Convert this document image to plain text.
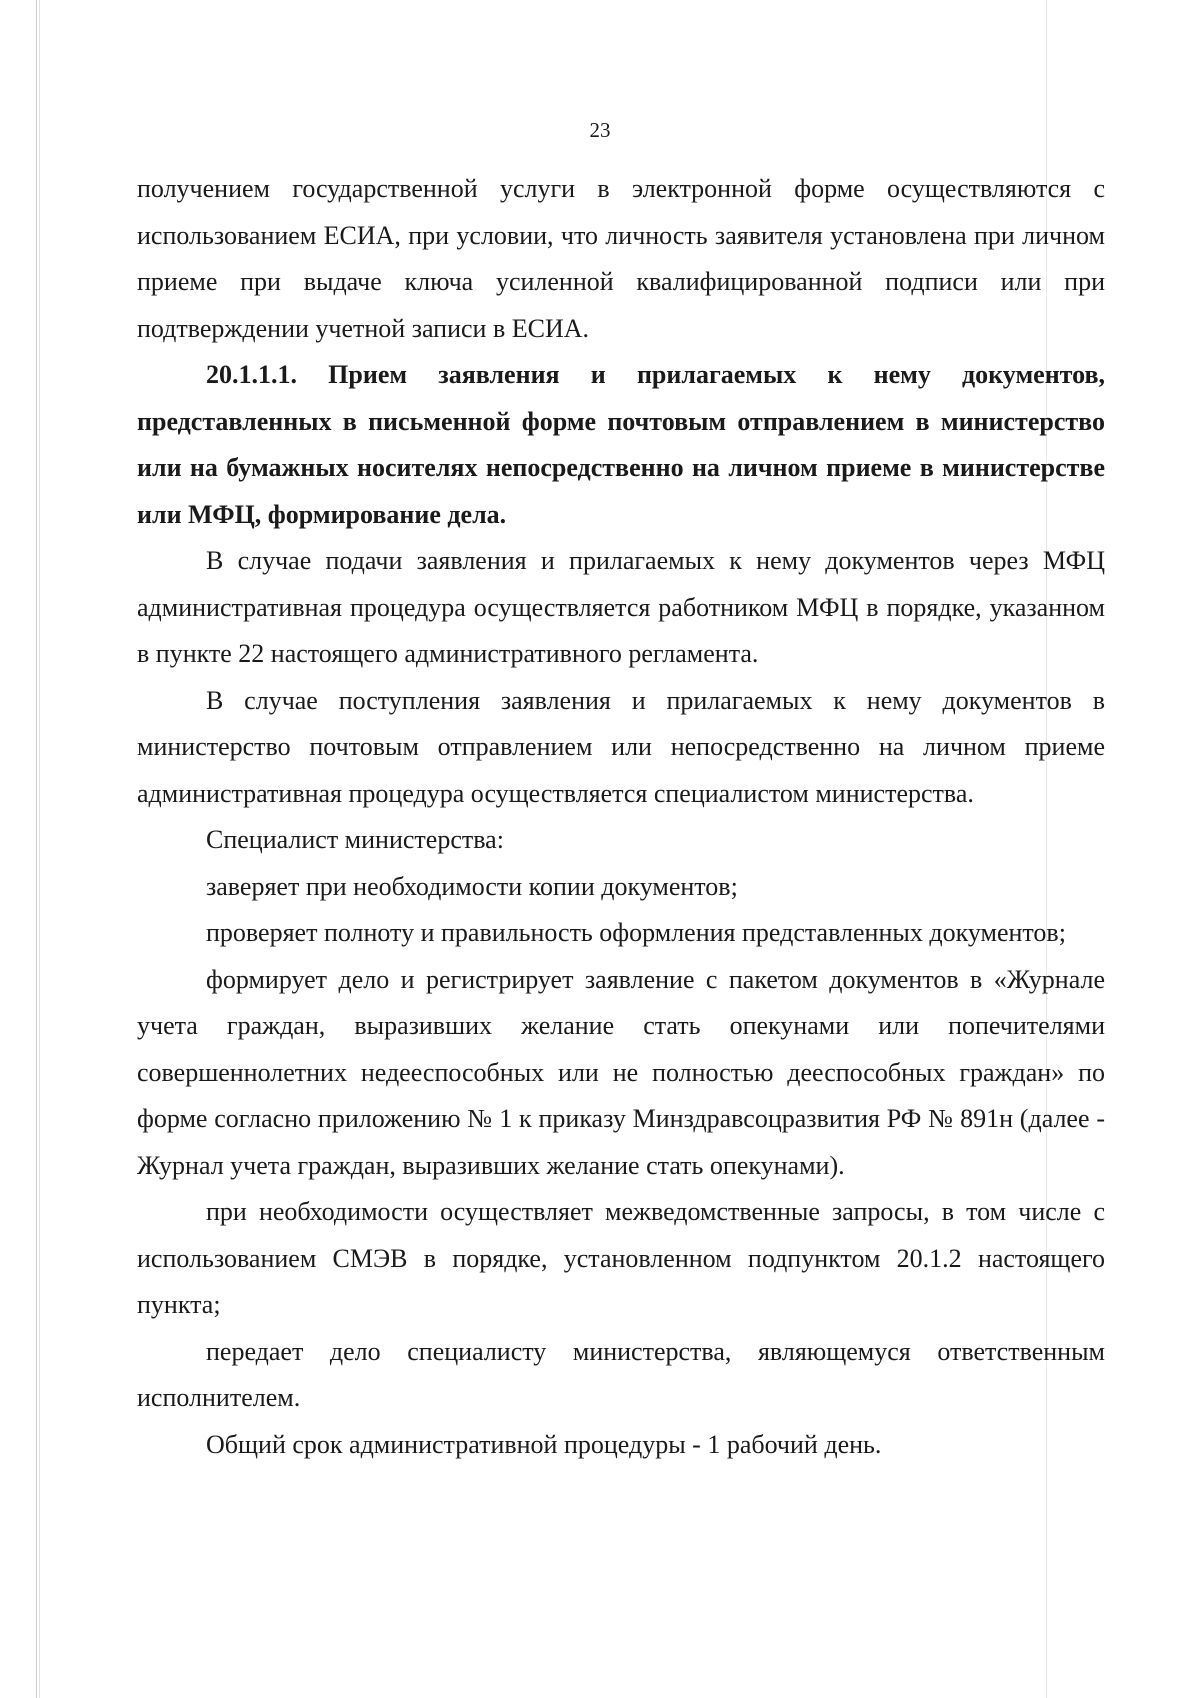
23

получением государственной услуги в электронной форме осуществляются с использованием ЕСИА, при условии, что личность заявителя установлена при личном приеме при выдаче ключа усиленной квалифицированной подписи или при подтверждении учетной записи в ЕСИА.

20.1.1.1. Прием заявления и прилагаемых к нему документов, представленных в письменной форме почтовым отправлением в министерство или на бумажных носителях непосредственно на личном приеме в министерстве или МФЦ, формирование дела.

В случае подачи заявления и прилагаемых к нему документов через МФЦ административная процедура осуществляется работником МФЦ в порядке, указанном в пункте 22 настоящего административного регламента.

В случае поступления заявления и прилагаемых к нему документов в министерство почтовым отправлением или непосредственно на личном приеме административная процедура осуществляется специалистом министерства.

Специалист министерства:

заверяет при необходимости копии документов;

проверяет полноту и правильность оформления представленных документов;

формирует дело и регистрирует заявление с пакетом документов в «Журнале учета граждан, выразивших желание стать опекунами или попечителями совершеннолетних недееспособных или не полностью дееспособных граждан» по форме согласно приложению № 1 к приказу Минздравсоцразвития РФ № 891н (далее - Журнал учета граждан, выразивших желание стать опекунами).

при необходимости осуществляет межведомственные запросы, в том числе с использованием СМЭВ в порядке, установленном подпунктом 20.1.2 настоящего пункта;

передает дело специалисту министерства, являющемуся ответственным исполнителем.

Общий срок административной процедуры - 1 рабочий день.
